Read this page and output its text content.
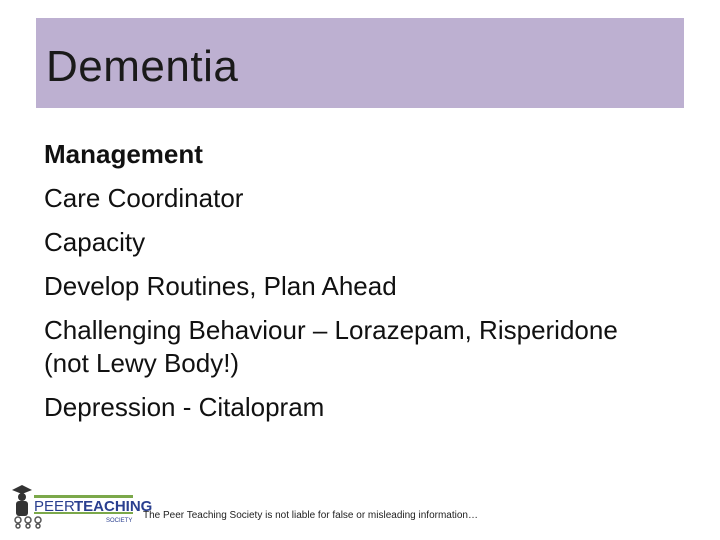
Dementia
Management
Care Coordinator
Capacity
Develop Routines, Plan Ahead
Challenging Behaviour – Lorazepam, Risperidone
(not Lewy Body!)
Depression - Citalopram
PEER TEACHING
SOCIETY The Peer Teaching Society is not liable for false or misleading information…
